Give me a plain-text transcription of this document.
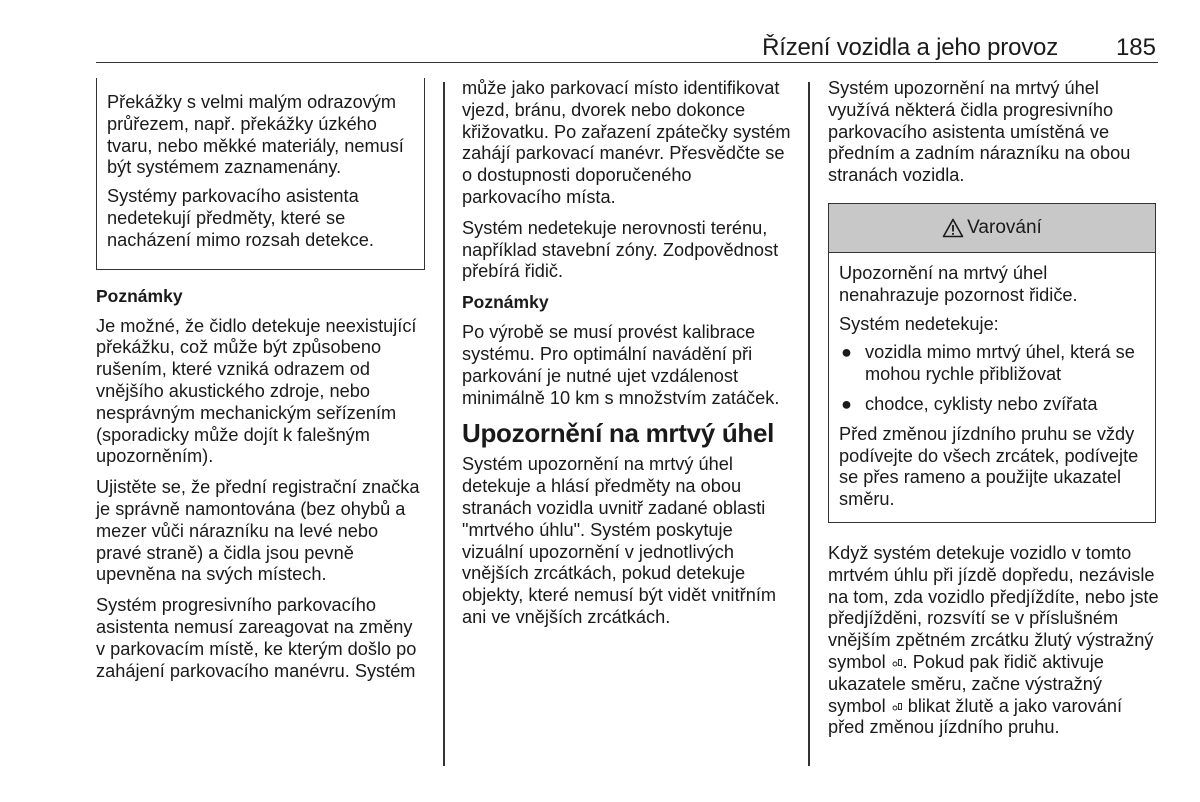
Řízení vozidla a jeho provoz 185

Překážky s velmi malým odrazovým průřezem, např. překážky úzkého tvaru, nebo měkké materiály, nemusí být systémem zaznamenány.

Systémy parkovacího asistenta nedetekují předměty, které se nacházení mimo rozsah detekce.

Poznámky

Je možné, že čidlo detekuje neexistující překážku, což může být způsobeno rušením, které vzniká odrazem od vnějšího akustického zdroje, nebo nesprávným mechanickým seřízením (sporadicky může dojít k falešným upozorněním).

Ujistěte se, že přední registrační značka je správně namontována (bez ohybů a mezer vůči nárazníku na levé nebo pravé straně) a čidla jsou pevně upevněna na svých místech.

Systém progresivního parkovacího asistenta nemusí zareagovat na změny v parkovacím místě, ke kterým došlo po zahájení parkovacího manévru. Systém

může jako parkovací místo identifikovat vjezd, bránu, dvorek nebo dokonce křižovatku. Po zařazení zpátečky systém zahájí parkovací manévr. Přesvědčte se o dostupnosti doporučeného parkovacího místa.

Systém nedetekuje nerovnosti terénu, například stavební zóny. Zodpovědnost přebírá řidič.

Poznámky

Po výrobě se musí provést kalibrace systému. Pro optimální navádění při parkování je nutné ujet vzdálenost minimálně 10 km s množstvím zatáček.

Upozornění na mrtvý úhel

Systém upozornění na mrtvý úhel detekuje a hlásí předměty na obou stranách vozidla uvnitř zadané oblasti "mrtvého úhlu". Systém poskytuje vizuální upozornění v jednotlivých vnějších zrcátkách, pokud detekuje objekty, které nemusí být vidět vnitřním ani ve vnějších zrcátkách.

Systém upozornění na mrtvý úhel využívá některá čidla progresivního parkovacího asistenta umístěná ve předním a zadním nárazníku na obou stranách vozidla.

Varování

Upozornění na mrtvý úhel nenahrazuje pozornost řidiče.

Systém nedetekuje:

● vozidla mimo mrtvý úhel, která se mohou rychle přibližovat
● chodce, cyklisty nebo zvířata

Před změnou jízdního pruhu se vždy podívejte do všech zrcátek, podívejte se přes rameno a použijte ukazatel směru.

Když systém detekuje vozidlo v tomto mrtvém úhlu při jízdě dopředu, nezávisle na tom, zda vozidlo předjíždíte, nebo jste předjížděni, rozsvítí se v příslušném vnějším zpětném zrcátku žlutý výstražný symbol . Pokud pak řidič aktivuje ukazatele směru, začne výstražný symbol  blikat žlutě a jako varování před změnou jízdního pruhu.
